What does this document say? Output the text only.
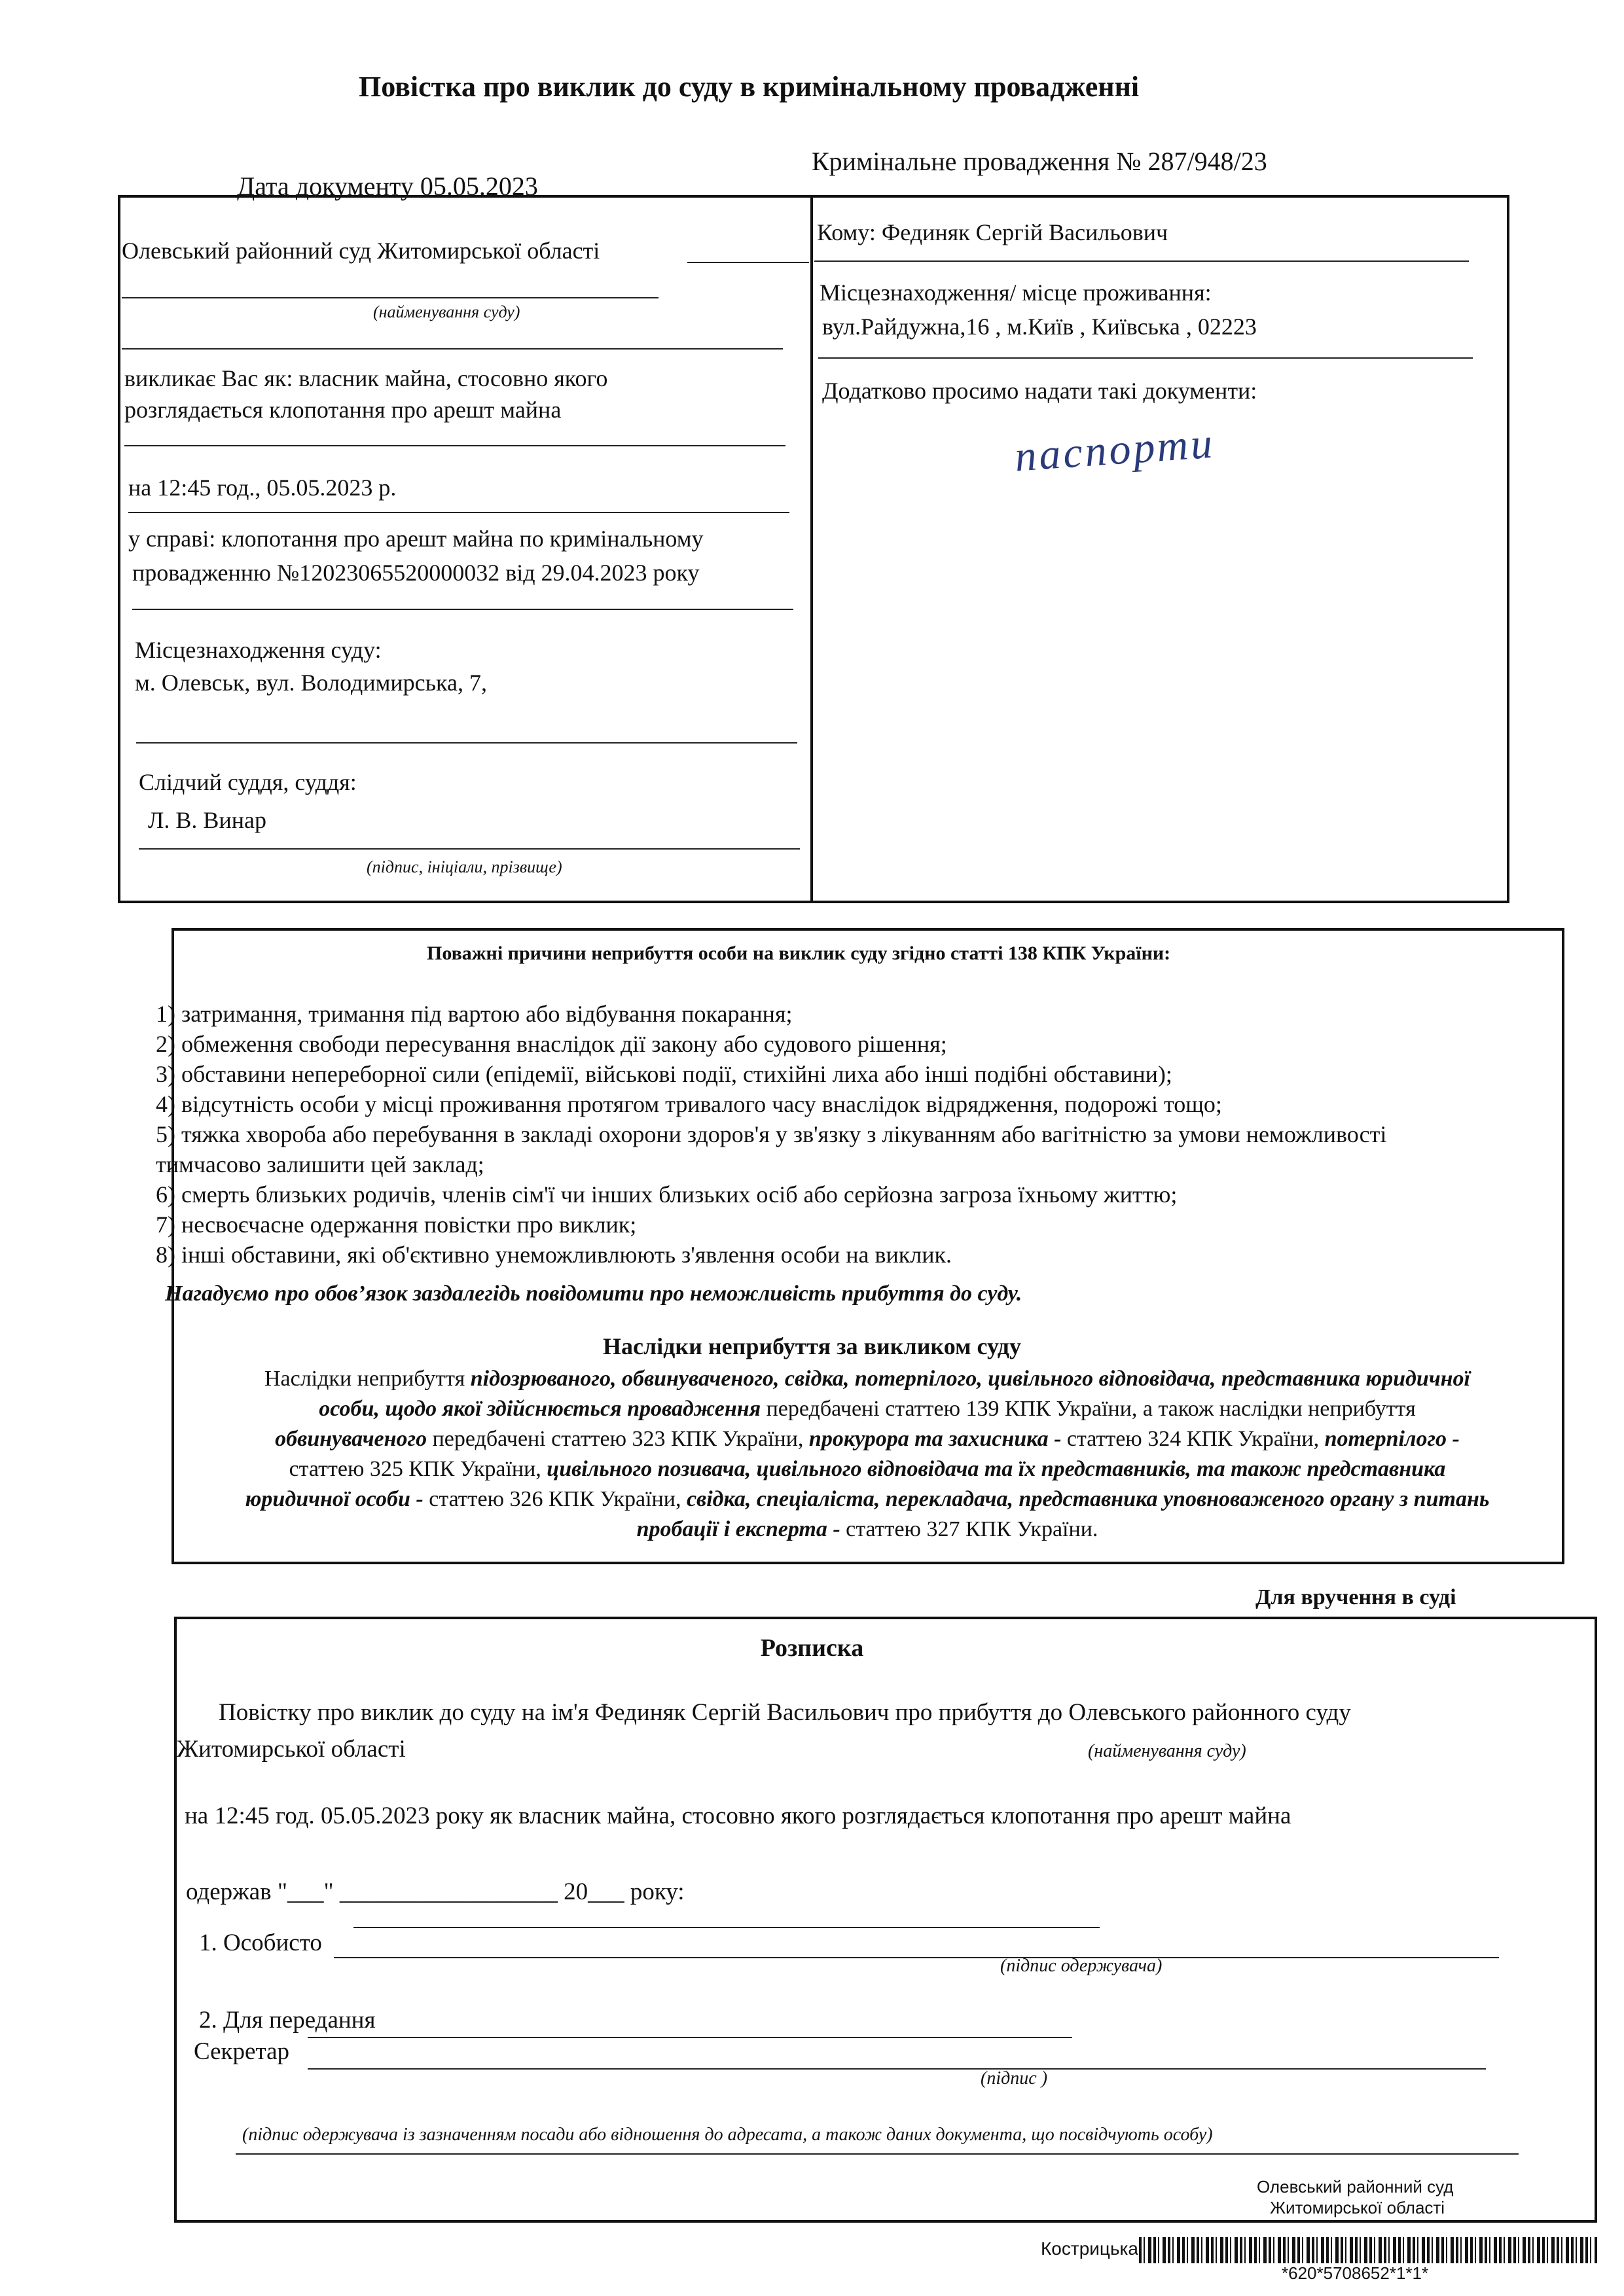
Повістка про виклик до суду в кримінальному провадженні
Дата документу 05.05.2023
Кримінальне провадження № 287/948/23
Олевський районний суд Житомирської області
(найменування суду)
викликає Вас як: власник майна, стосовно якого
розглядається клопотання про арешт майна
на 12:45 год., 05.05.2023 р.
у справі: клопотання про арешт майна по кримінальному
провадженню №12023065520000032 від 29.04.2023 року
Місцезнаходження суду:
м. Олевськ, вул. Володимирська, 7,
Слідчий суддя, суддя:
Л. В. Винар
(підпис, ініціали, прізвище)
Кому: Фединяк Сергій Васильович
Місцезнаходження/ місце проживання:
вул.Райдужна,16 , м.Київ , Київська , 02223
Додатково просимо надати такі документи:
паспорти
Поважні причини неприбуття особи на виклик суду згідно статті 138 КПК України:
1) затримання, тримання під вартою або відбування покарання;
2) обмеження свободи пересування внаслідок дії закону або судового рішення;
3) обставини непереборної сили (епідемії, військові події, стихійні лиха або інші подібні обставини);
4) відсутність особи у місці проживання протягом тривалого часу внаслідок відрядження, подорожі тощо;
5) тяжка хвороба або перебування в закладі охорони здоров'я у зв'язку з лікуванням або вагітністю за умови неможливості
тимчасово залишити цей заклад;
6) смерть близьких родичів, членів сім'ї чи інших близьких осіб або серйозна загроза їхньому життю;
7) несвоєчасне одержання повістки про виклик;
8) інші обставини, які об'єктивно унеможливлюють з'явлення особи на виклик.
Нагадуємо про обов’язок заздалегідь повідомити про неможливість прибуття до суду.
Наслідки неприбуття за викликом суду
Наслідки неприбуття підозрюваного, обвинуваченого, свідка, потерпілого, цивільного відповідача, представника юридичної
особи, щодо якої здійснюється провадження передбачені статтею 139 КПК України, а також наслідки неприбуття
обвинуваченого передбачені статтею 323 КПК України, прокурора та захисника - статтею 324 КПК України, потерпілого -
статтею 325 КПК України, цивільного позивача, цивільного відповідача та їх представників, та також представника
юридичної особи - статтею 326 КПК України, свідка, спеціаліста, перекладача, представника уповноваженого органу з питань
пробації і експерта - статтею 327 КПК України.
Для вручення в суді
Розписка
Повістку про виклик до суду на ім'я Фединяк Сергій Васильович про прибуття до Олевського районного суду
Житомирської області	(найменування суду)
на 12:45 год. 05.05.2023 року як власник майна, стосовно якого розглядається клопотання про арешт майна
одержав "___" __________________ 20___ року:
1. Особисто
(підпис одержувача)
2. Для передання
Секретар
(підпис )
(підпис одержувача із зазначенням посади або відношення до адресата, а також даних документа, що посвідчують особу)
Олевський районний суд
Житомирської області
Кострицька
*620*5708652*1*1*
